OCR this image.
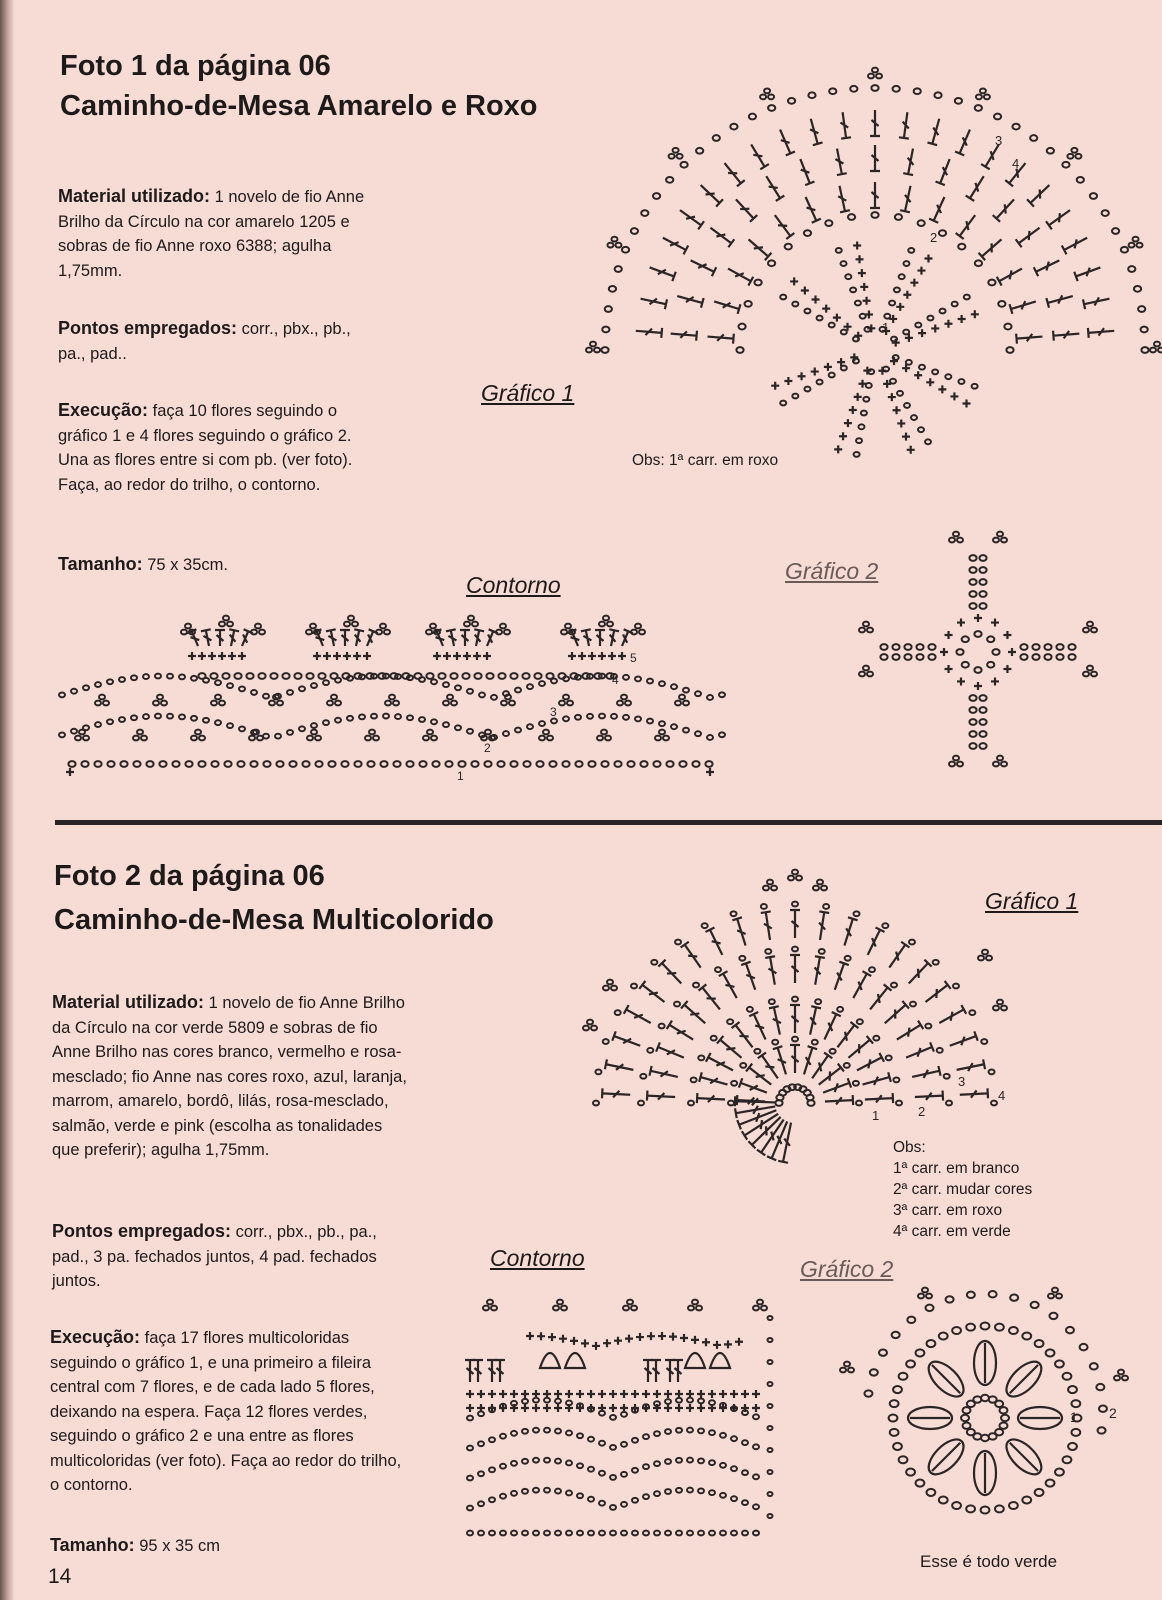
Foto 1 da página 06
Caminho-de-Mesa Amarelo e Roxo
Material utilizado: 1 novelo de fio Anne Brilho da Círculo na cor amarelo 1205 e sobras de fio Anne roxo 6388; agulha 1,75mm.
Pontos empregados: corr., pbx., pb., pa., pad..
Execução: faça 10 flores seguindo o gráfico 1 e 4 flores seguindo o gráfico 2. Una as flores entre si com pb. (ver foto). Faça, ao redor do trilho, o contorno.
Tamanho: 75 x 35cm.
Gráfico 1
Obs: 1ª carr. em roxo
Gráfico 2
Contorno
1
2
3
4
1
2
3
4
5
Foto 2 da página 06
Caminho-de-Mesa Multicolorido
Material utilizado: 1 novelo de fio Anne Brilho da Círculo na cor verde 5809 e sobras de fio Anne Brilho nas cores branco, vermelho e rosa-mesclado; fio Anne nas cores roxo, azul, laranja, marrom, amarelo, bordô, lilás, rosa-mesclado, salmão, verde e pink (escolha as tonalidades que preferir); agulha 1,75mm.
Pontos empregados: corr., pbx., pb., pa., pad., 3 pa. fechados juntos, 4 pad. fechados juntos.
Execução: faça 17 flores multicoloridas seguindo o gráfico 1, e una primeiro a fileira central com 7 flores, e de cada lado 5 flores, deixando na espera. Faça 12 flores verdes, seguindo o gráfico 2 e una entre as flores multicoloridas (ver foto). Faça ao redor do trilho, o contorno.
Tamanho: 95 x 35 cm
Gráfico 1
Gráfico 2
Contorno
Obs:
1ª carr. em branco
2ª carr. mudar cores
3ª carr. em roxo
4ª carr. em verde
Esse é todo verde
1	2
3
4
1 2
14
